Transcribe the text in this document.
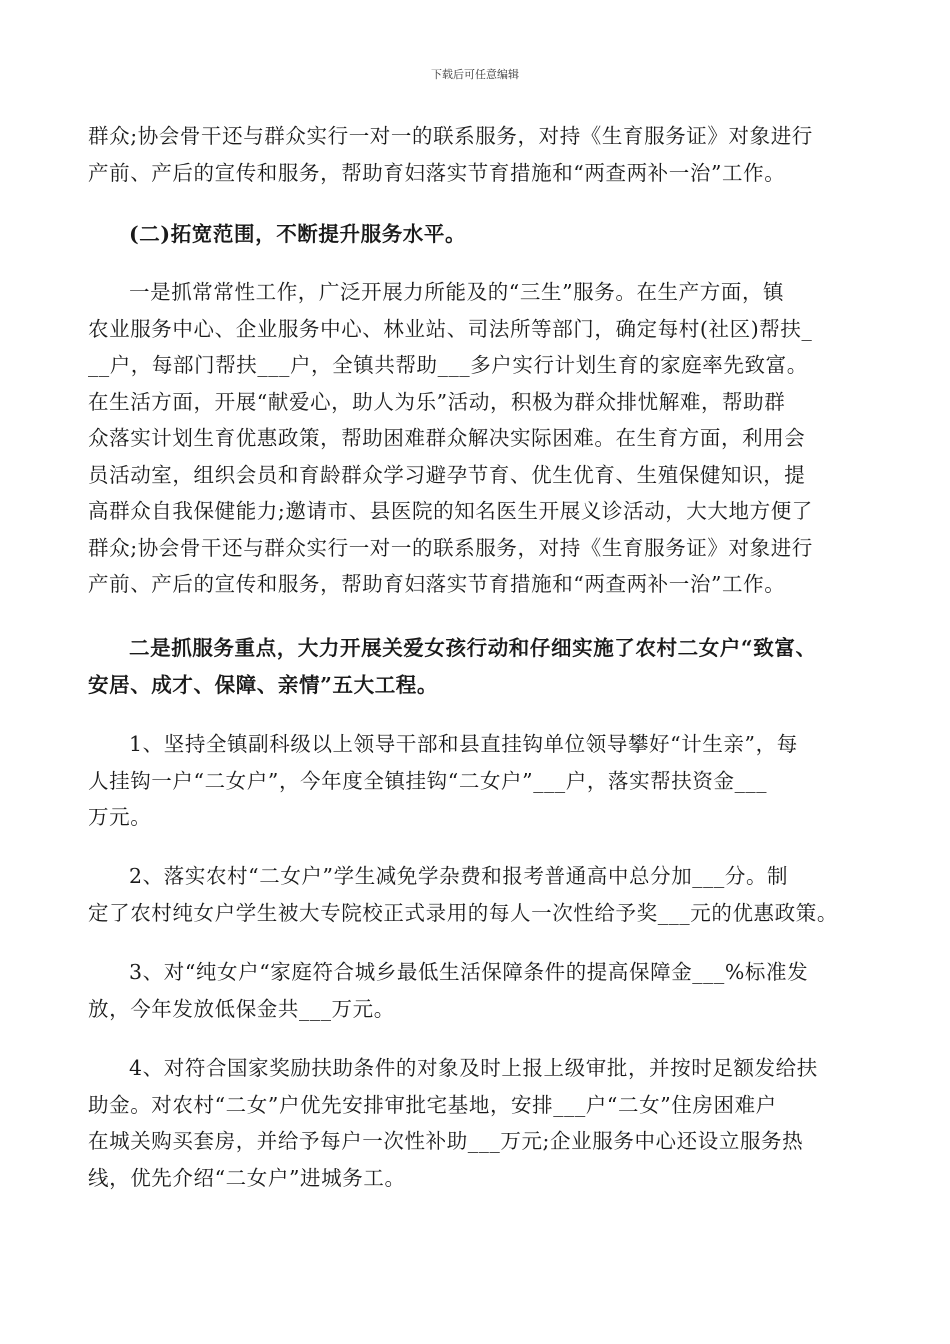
下载后可任意编辑
群众;协会骨干还与群众实行一对一的联系服务，对持《生育服务证》对象进行
产前、产后的宣传和服务，帮助育妇落实节育措施和“两查两补一治”工作。
(二)拓宽范围，不断提升服务水平。
一是抓常常性工作，广泛开展力所能及的“三生”服务。在生产方面，镇
农业服务中心、企业服务中心、林业站、司法所等部门，确定每村(社区)帮扶_
__户，每部门帮扶___户，全镇共帮助___多户实行计划生育的家庭率先致富。
在生活方面，开展“献爱心，助人为乐”活动，积极为群众排忧解难，帮助群
众落实计划生育优惠政策，帮助困难群众解决实际困难。在生育方面，利用会
员活动室，组织会员和育龄群众学习避孕节育、优生优育、生殖保健知识，提
高群众自我保健能力;邀请市、县医院的知名医生开展义诊活动，大大地方便了
群众;协会骨干还与群众实行一对一的联系服务，对持《生育服务证》对象进行
产前、产后的宣传和服务，帮助育妇落实节育措施和“两查两补一治”工作。
二是抓服务重点，大力开展关爱女孩行动和仔细实施了农村二女户“致富、
安居、成才、保障、亲情”五大工程。
1、坚持全镇副科级以上领导干部和县直挂钩单位领导攀好“计生亲”，每
人挂钩一户“二女户”，今年度全镇挂钩“二女户”___户，落实帮扶资金___
万元。
2、落实农村“二女户”学生减免学杂费和报考普通高中总分加___分。制
定了农村纯女户学生被大专院校正式录用的每人一次性给予奖___元的优惠政策。
3、对“纯女户“家庭符合城乡最低生活保障条件的提高保障金___%标准发
放，今年发放低保金共___万元。
4、对符合国家奖励扶助条件的对象及时上报上级审批，并按时足额发给扶
助金。对农村“二女”户优先安排审批宅基地，安排___户“二女”住房困难户
在城关购买套房，并给予每户一次性补助___万元;企业服务中心还设立服务热
线，优先介绍“二女户”进城务工。
